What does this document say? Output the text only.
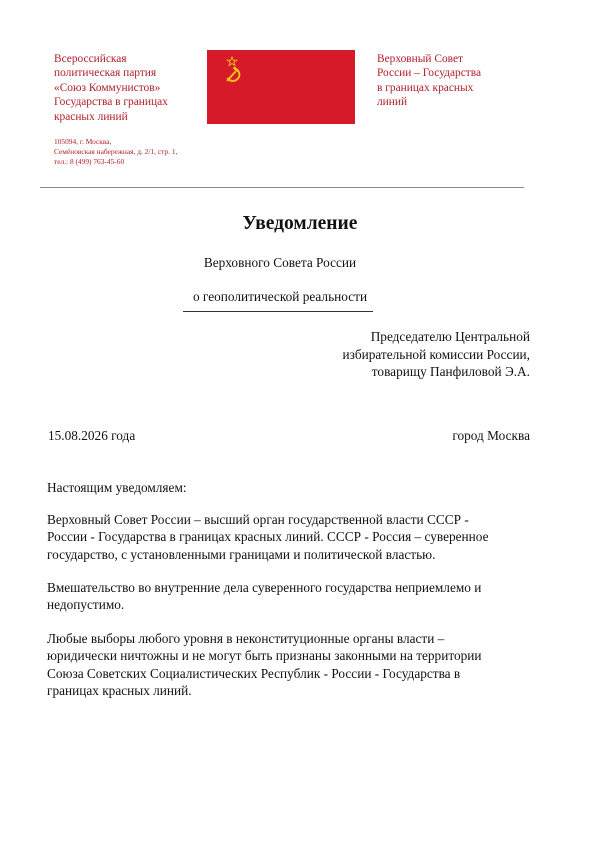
Всероссийская
политическая партия
«Союз Коммунистов»
Государства в границах
красных линий
105094, г. Москва,
Семёновская набережная, д. 2/1, стр. 1,
тел.: 8 (499) 763-45-60
Верховный Совет
России – Государства
в границах красных
линий
Уведомление
Верховного Совета России
о геополитической реальности
Председателю Центральной
избирательной комиссии России,
товарищу Панфиловой Э.А.
15.08.2026 года	город Москва
Настоящим уведомляем:
Верховный Совет России – высший орган государственной власти СССР -
России - Государства в границах красных линий. СССР - Россия – суверенное
государство, с установленными границами и политической властью.
Вмешательство во внутренние дела суверенного государства неприемлемо и
недопустимо.
Любые выборы любого уровня в неконституционные органы власти –
юридически ничтожны и не могут быть признаны законными на территории
Союза Советских Социалистических Республик - России - Государства в
границах красных линий.
